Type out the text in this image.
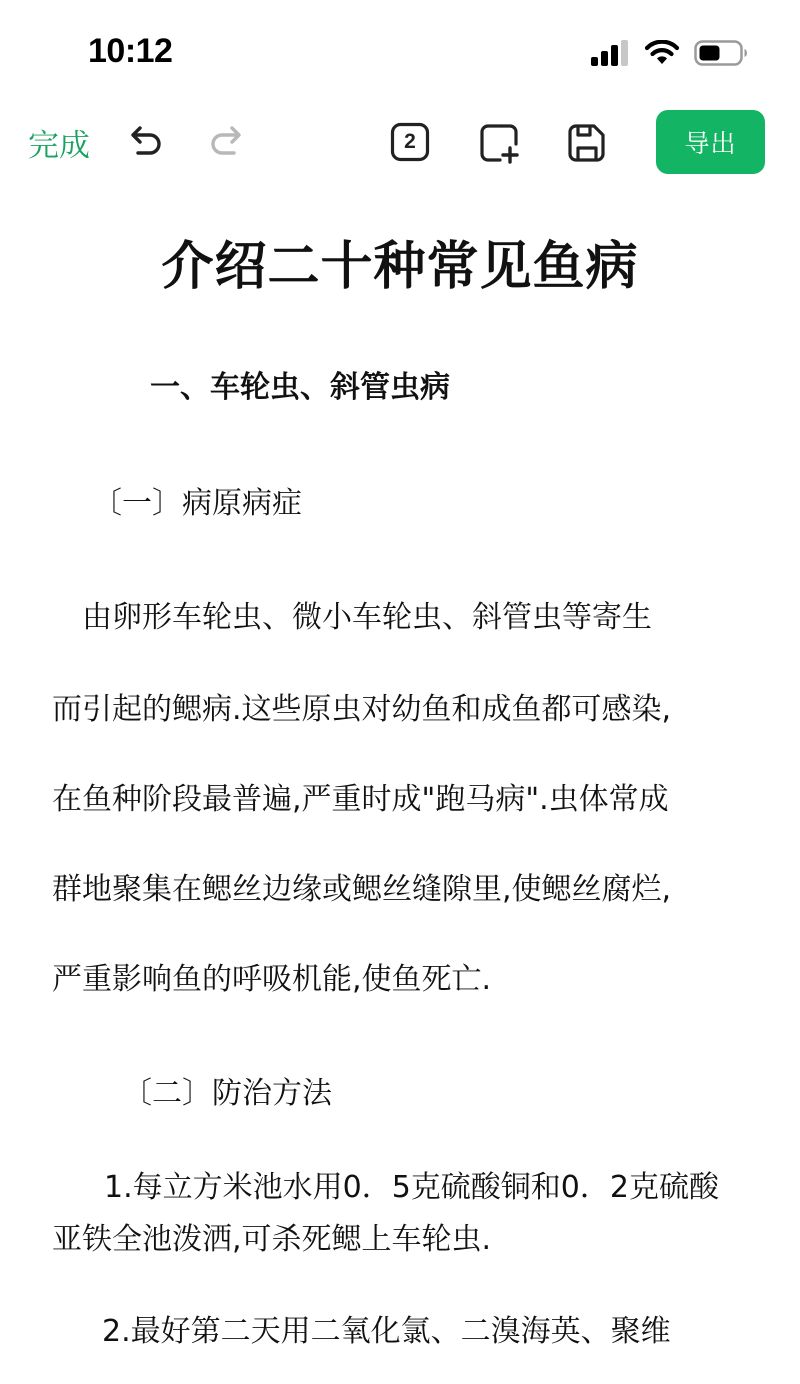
10:12
完成	2	导出
介绍二十种常见鱼病
一、车轮虫、斜管虫病
〔一〕病原病症
　由卵形车轮虫、微小车轮虫、斜管虫等寄生
而引起的鳃病.这些原虫对幼鱼和成鱼都可感染,
在鱼种阶段最普遍,严重时成"跑马病".虫体常成
群地聚集在鳃丝边缘或鳃丝缝隙里,使鳃丝腐烂,
严重影响鱼的呼吸机能,使鱼死亡.
〔二〕防治方法
1.每立方米池水用0．5克硫酸铜和0．2克硫酸
亚铁全池泼洒,可杀死鳃上车轮虫.
2.最好第二天用二氧化氯、二溴海英、聚维
